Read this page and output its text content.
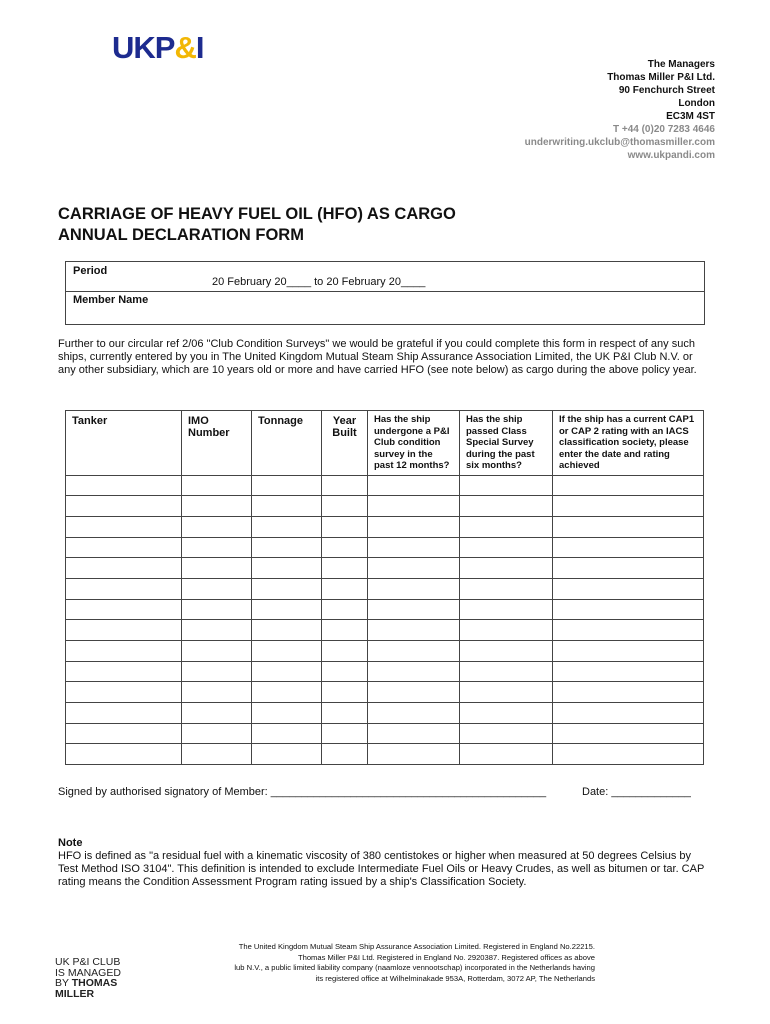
UKP&I	The Managers
Thomas Miller P&I Ltd.
90 Fenchurch Street
London
EC3M 4ST
T +44 (0)20 7283 4646
underwriting.ukclub@thomasmiller.com
www.ukpandi.com
CARRIAGE OF HEAVY FUEL OIL (HFO) AS CARGO
ANNUAL DECLARATION FORM
Period
20 February 20____ to 20 February 20____
Member Name
Further to our circular ref 2/06 "Club Condition Surveys" we would be grateful if you could complete this form in respect of any such ships, currently entered by you in The United Kingdom Mutual Steam Ship Assurance Association Limited, the UK P&I Club N.V. or any other subsidiary, which are 10 years old or more and have carried HFO (see note below) as cargo during the above policy year.
Tanker	IMO Number	Tonnage	Year Built	Has the ship undergone a P&I Club condition survey in the past 12 months?	Has the ship passed Class Special Survey during the past six months?	If the ship has a current CAP1 or CAP 2 rating with an IACS classification society, please enter the date and rating achieved

Signed by authorised signatory of Member: _____________________________________________	Date: _____________
Note
HFO is defined as "a residual fuel with a kinematic viscosity of 380 centistokes or higher when measured at 50 degrees Celsius by Test Method ISO 3104". This definition is intended to exclude Intermediate Fuel Oils or Heavy Crudes, as well as bitumen or tar. CAP rating means the Condition Assessment Program rating issued by a ship's Classification Society.
The United Kingdom Mutual Steam Ship Assurance Association Limited. Registered in England No.22215.
Thomas Miller P&I Ltd. Registered in England No. 2920387. Registered offices as above
lub N.V., a public limited liability company (naamloze vennootschap) incorporated in the Netherlands having
its registered office at Wilhelminakade 953A, Rotterdam, 3072 AP, The Netherlands
UK P&I CLUB
IS MANAGED
BY THOMAS
MILLER
